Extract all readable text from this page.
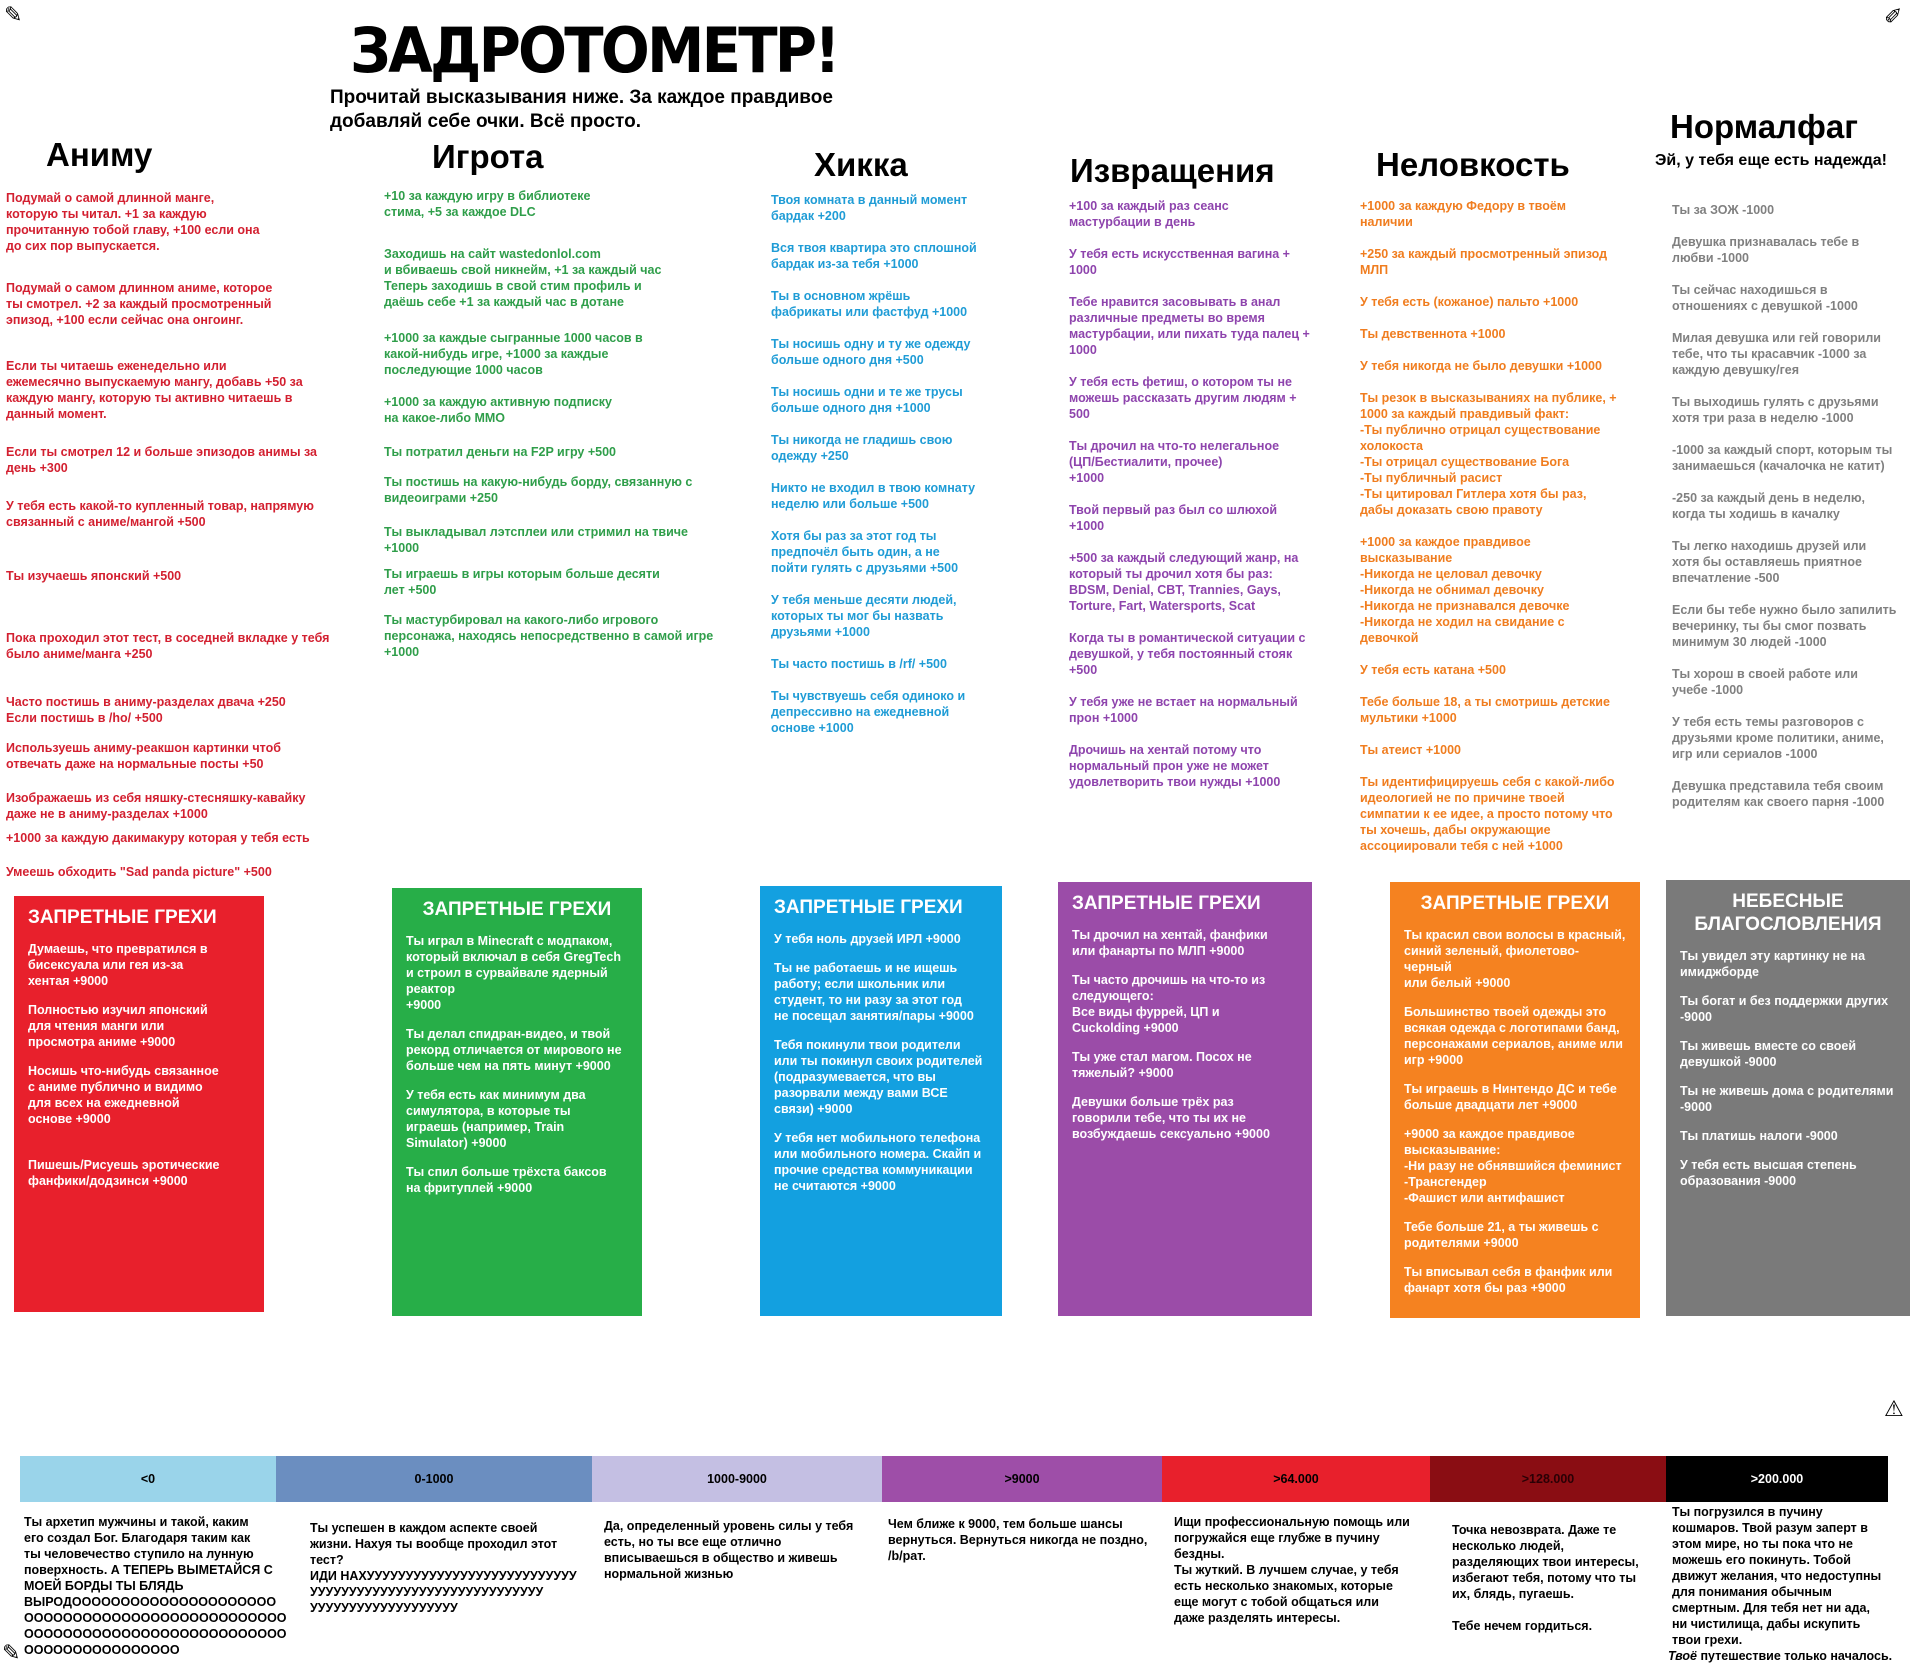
✎	✐
⚠
✎
ЗАДРОТОМЕТР!
Прочитай высказывания ниже. За каждое правдивое добавляй себе очки. Всё просто.
Аниму	Игрота	Хикка	Извращения	Неловкость
Нормалфаг
Эй, у тебя еще есть надежда!
Подумай о самой длинной манге,
которую ты читал. +1 за каждую
прочитанную тобой главу, +100 если она
до сих пор выпускается.
Подумай о самом длинном аниме, которое
ты смотрел. +2 за каждый просмотренный
эпизод, +100 если сейчас она онгоинг.
Если ты читаешь еженедельно или
ежемесячно выпускаемую мангу, добавь +50 за
каждую мангу, которую ты активно читаешь в
данный момент.
Если ты смотрел 12 и больше эпизодов анимы за
день +300
У тебя есть какой-то купленный товар, напрямую
связанный с аниме/мангой +500
Ты изучаешь японский +500
Пока проходил этот тест, в соседней вкладке у тебя
было аниме/манга +250
Часто постишь в аниму-разделах двача +250
Если постишь в /ho/ +500
Используешь аниму-реакшон картинки чтоб
отвечать даже на нормальные посты +50
Изображаешь из себя няшку-стесняшку-кавайку
даже не в аниму-разделах +1000
+1000 за каждую дакимакуру которая у тебя есть
Умеешь обходить "Sad panda picture" +500
+10 за каждую игру в библиотеке
стима, +5 за каждое DLC
Заходишь на сайт wastedonlol.com
и вбиваешь свой никнейм, +1 за каждый час
Теперь заходишь в свой стим профиль и
даёшь себе +1 за каждый час в дотане
+1000 за каждые сыгранные 1000 часов в
какой-нибудь игре, +1000 за каждые
последующие 1000 часов
+1000 за каждую активную подписку
на какое-либо ММО
Ты потратил деньги на F2P игру +500
Ты постишь на какую-нибудь борду, связанную с
видеоиграми +250
Ты выкладывал лэтсплеи или стримил на твиче
+1000
Ты играешь в игры которым больше десяти
лет +500
Ты мастурбировал на какого-либо игрового
персонажа, находясь непосредственно в самой игре
+1000
Твоя комната в данный момент
бардак +200
Вся твоя квартира это сплошной
бардак из-за тебя +1000
Ты в основном жрёшь
фабрикаты или фастфуд +1000
Ты носишь одну и ту же одежду
больше одного дня +500
Ты носишь одни и те же трусы
больше одного дня +1000
Ты никогда не гладишь свою
одежду +250
Никто не входил в твою комнату
неделю или больше +500
Хотя бы раз за этот год ты
предпочёл быть один, а не
пойти гулять с друзьями +500
У тебя меньше десяти людей,
которых ты мог бы назвать
друзьями +1000
Ты часто постишь в /rf/ +500
Ты чувствуешь себя одиноко и
депрессивно на ежедневной
основе +1000
+100 за каждый раз сеанс
мастурбации в день
У тебя есть искусственная вагина +
1000
Тебе нравится засовывать в анал
различные предметы во время
мастурбации, или пихать туда палец +
1000
У тебя есть фетиш, о котором ты не
можешь рассказать другим людям +
500
Ты дрочил на что-то нелегальное
(ЦП/Бестиалити, прочее)
+1000
Твой первый раз был со шлюхой
+1000
+500 за каждый следующий жанр, на
который ты дрочил хотя бы раз:
BDSM, Denial, CBT, Trannies, Gays,
Torture, Fart, Watersports, Scat
Когда ты в романтической ситуации с
девушкой, у тебя постоянный стояк
+500
У тебя уже не встает на нормальный
прон +1000
Дрочишь на хентай потому что
нормальный прон уже не может
удовлетворить твои нужды +1000
+1000 за каждую Федору в твоём
наличии
+250 за каждый просмотренный эпизод
МЛП
У тебя есть (кожаное) пальто +1000
Ты девственнота +1000
У тебя никогда не было девушки +1000
Ты резок в высказываниях на публике, +
1000 за каждый правдивый факт:
-Ты публично отрицал существование
холокоста
-Ты отрицал существование Бога
-Ты публичный расист
-Ты цитировал Гитлера хотя бы раз,
дабы доказать свою правоту
+1000 за каждое правдивое
высказывание
-Никогда не целовал девочку
-Никогда не обнимал девочку
-Никогда не признавался девочке
-Никогда не ходил на свидание с
девочкой
У тебя есть катана +500
Тебе больше 18, а ты смотришь детские
мультики +1000
Ты атеист +1000
Ты идентифицируешь себя с какой-либо
идеологией не по причине твоей
симпатии к ее идее, а просто потому что
ты хочешь, дабы окружающие
ассоциировали тебя с ней +1000
Ты за ЗОЖ -1000
Девушка признавалась тебе в
любви -1000
Ты сейчас находишься в
отношениях с девушкой -1000
Милая девушка или гей говорили
тебе, что ты красавчик -1000 за
каждую девушку/гея
Ты выходишь гулять с друзьями
хотя три раза в неделю -1000
-1000 за каждый спорт, которым ты
занимаешься (качалочка не катит)
-250 за каждый день в неделю,
когда ты ходишь в качалку
Ты легко находишь друзей или
хотя бы оставляешь приятное
впечатление -500
Если бы тебе нужно было запилить
вечеринку, ты бы смог позвать
минимум 30 людей -1000
Ты хорош в своей работе или
учебе -1000
У тебя есть темы разговоров с
друзьями кроме политики, аниме,
игр или сериалов -1000
Девушка представила тебя своим
родителям как своего парня -1000
ЗАПРЕТНЫЕ ГРЕХИ
Думаешь, что превратился в
бисексуала или гея из-за
хентая +9000
Полностью изучил японский
для чтения манги или
просмотра аниме +9000
Носишь что-нибудь связанное
с аниме публично и видимо
для всех на ежедневной
основе +9000
Пишешь/Рисуешь эротические
фанфики/додзинси +9000
ЗАПРЕТНЫЕ ГРЕХИ
Ты играл в Minecraft с модпаком,
который включал в себя GregTech
и строил в сурвайвале ядерный
реактор
+9000
Ты делал спидран-видео, и твой
рекорд отличается от мирового не
больше чем на пять минут +9000
У тебя есть как минимум два
симулятора, в которые ты
играешь (например, Train
Simulator) +9000
Ты спил больше трёхста баксов
на фритуплей +9000
ЗАПРЕТНЫЕ ГРЕХИ
У тебя ноль друзей ИРЛ +9000
Ты не работаешь и не ищешь
работу; если школьник или
студент, то ни разу за этот год
не посещал занятия/пары +9000
Тебя покинули твои родители
или ты покинул своих родителей
(подразумевается, что вы
разорвали между вами ВСЕ
связи) +9000
У тебя нет мобильного телефона
или мобильного номера. Скайп и
прочие средства коммуникации
не считаются +9000
ЗАПРЕТНЫЕ ГРЕХИ
Ты дрочил на хентай, фанфики
или фанарты по МЛП +9000
Ты часто дрочишь на что-то из
следующего:
Все виды фуррей, ЦП и
Cuckolding +9000
Ты уже стал магом. Посох не
тяжелый? +9000
Девушки больше трёх раз
говорили тебе, что ты их не
возбуждаешь сексуально +9000
ЗАПРЕТНЫЕ ГРЕХИ
Ты красил свои волосы в красный,
синий зеленый, фиолетово-черный
или белый +9000
Большинство твоей одежды это
всякая одежда с логотипами банд,
персонажами сериалов, аниме или
игр +9000
Ты играешь в Нинтендо ДС и тебе
больше двадцати лет +9000
+9000 за каждое правдивое
высказывание:
-Ни разу не обнявшийся феминист
-Трансгендер
-Фашист или антифашист
Тебе больше 21, а ты живешь с
родителями +9000
Ты вписывал себя в фанфик или
фанарт хотя бы раз +9000
НЕБЕСНЫЕ
БЛАГОСЛОВЛЕНИЯ
Ты увидел эту картинку не на
имиджборде
Ты богат и без поддержки других
-9000
Ты живешь вместе со своей
девушкой -9000
Ты не живешь дома с родителями
-9000
Ты платишь налоги -9000
У тебя есть высшая степень
образования -9000
<0	0-1000	1000-9000	>9000	>64.000	>128.000	>200.000
Ты архетип мужчины и такой, каким
его создал Бог. Благодаря таким как
ты человечество ступило на лунную
поверхность. А ТЕПЕРЬ ВЫМЕТАЙСЯ С
МОЕЙ БОРДЫ ТЫ БЛЯДЬ
ВЫРОДООООООООООООООООООООО
ООООООООООООООООООООООООООО
ООООООООООООООООООООООООООО
ОООООООООООООООО
Ты успешен в каждом аспекте своей
жизни. Нахуя ты вообще проходил этот
тест?
ИДИ НАХУУУУУУУУУУУУУУУУУУУУУУУУУУУ
УУУУУУУУУУУУУУУУУУУУУУУУУУУУУУ
УУУУУУУУУУУУУУУУУУУ
Да, определенный уровень силы у тебя
есть, но ты все еще отлично
вписываешься в общество и живешь
нормальной жизнью
Чем ближе к 9000, тем больше шансы
вернуться. Вернуться никогда не поздно,
/b/рат.
Ищи профессиональную помощь или
погружайся еще глубже в пучину
бездны.
Ты жуткий. В лучшем случае, у тебя
есть несколько знакомых, которые
еще могут с тобой общаться или
даже разделять интересы.
Точка невозврата. Даже те
несколько людей,
разделяющих твои интересы,
избегают тебя, потому что ты
их, блядь, пугаешь.

Тебе нечем гордиться.
Ты погрузился в пучину
кошмаров. Твой разум заперт в
этом мире, но ты пока что не
можешь его покинуть. Тобой
движут желания, что недоступны
для понимания обычным
смертным. Для тебя нет ни ада,
ни чистилища, дабы искупить
твои грехи.
Твоё путешествие только началось.
